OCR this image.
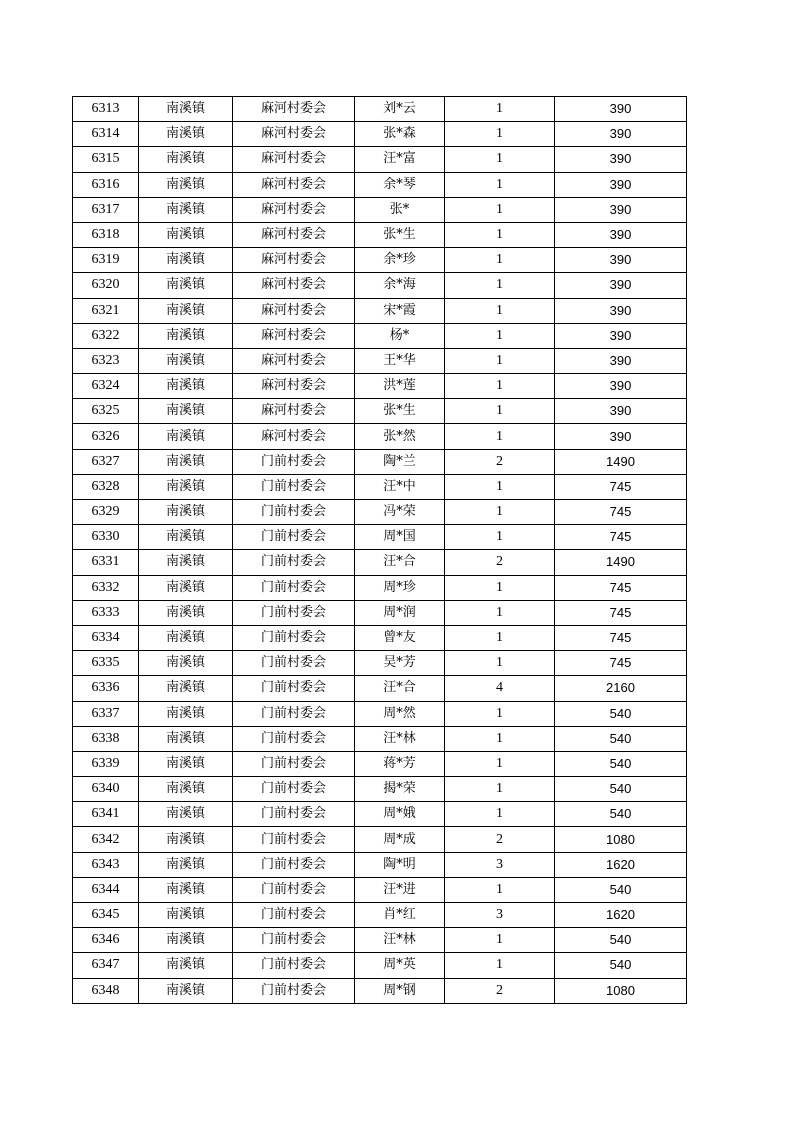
6313	南溪镇	麻河村委会	刘*云	1	390
6314	南溪镇	麻河村委会	张*森	1	390
6315	南溪镇	麻河村委会	汪*富	1	390
6316	南溪镇	麻河村委会	余*琴	1	390
6317	南溪镇	麻河村委会	张*	1	390
6318	南溪镇	麻河村委会	张*生	1	390
6319	南溪镇	麻河村委会	余*珍	1	390
6320	南溪镇	麻河村委会	余*海	1	390
6321	南溪镇	麻河村委会	宋*霞	1	390
6322	南溪镇	麻河村委会	杨*	1	390
6323	南溪镇	麻河村委会	王*华	1	390
6324	南溪镇	麻河村委会	洪*莲	1	390
6325	南溪镇	麻河村委会	张*生	1	390
6326	南溪镇	麻河村委会	张*然	1	390
6327	南溪镇	门前村委会	陶*兰	2	1490
6328	南溪镇	门前村委会	汪*中	1	745
6329	南溪镇	门前村委会	冯*荣	1	745
6330	南溪镇	门前村委会	周*国	1	745
6331	南溪镇	门前村委会	汪*合	2	1490
6332	南溪镇	门前村委会	周*珍	1	745
6333	南溪镇	门前村委会	周*润	1	745
6334	南溪镇	门前村委会	曾*友	1	745
6335	南溪镇	门前村委会	吴*芳	1	745
6336	南溪镇	门前村委会	汪*合	4	2160
6337	南溪镇	门前村委会	周*然	1	540
6338	南溪镇	门前村委会	汪*林	1	540
6339	南溪镇	门前村委会	蒋*芳	1	540
6340	南溪镇	门前村委会	揭*荣	1	540
6341	南溪镇	门前村委会	周*娥	1	540
6342	南溪镇	门前村委会	周*成	2	1080
6343	南溪镇	门前村委会	陶*明	3	1620
6344	南溪镇	门前村委会	汪*进	1	540
6345	南溪镇	门前村委会	肖*红	3	1620
6346	南溪镇	门前村委会	汪*林	1	540
6347	南溪镇	门前村委会	周*英	1	540
6348	南溪镇	门前村委会	周*钢	2	1080
